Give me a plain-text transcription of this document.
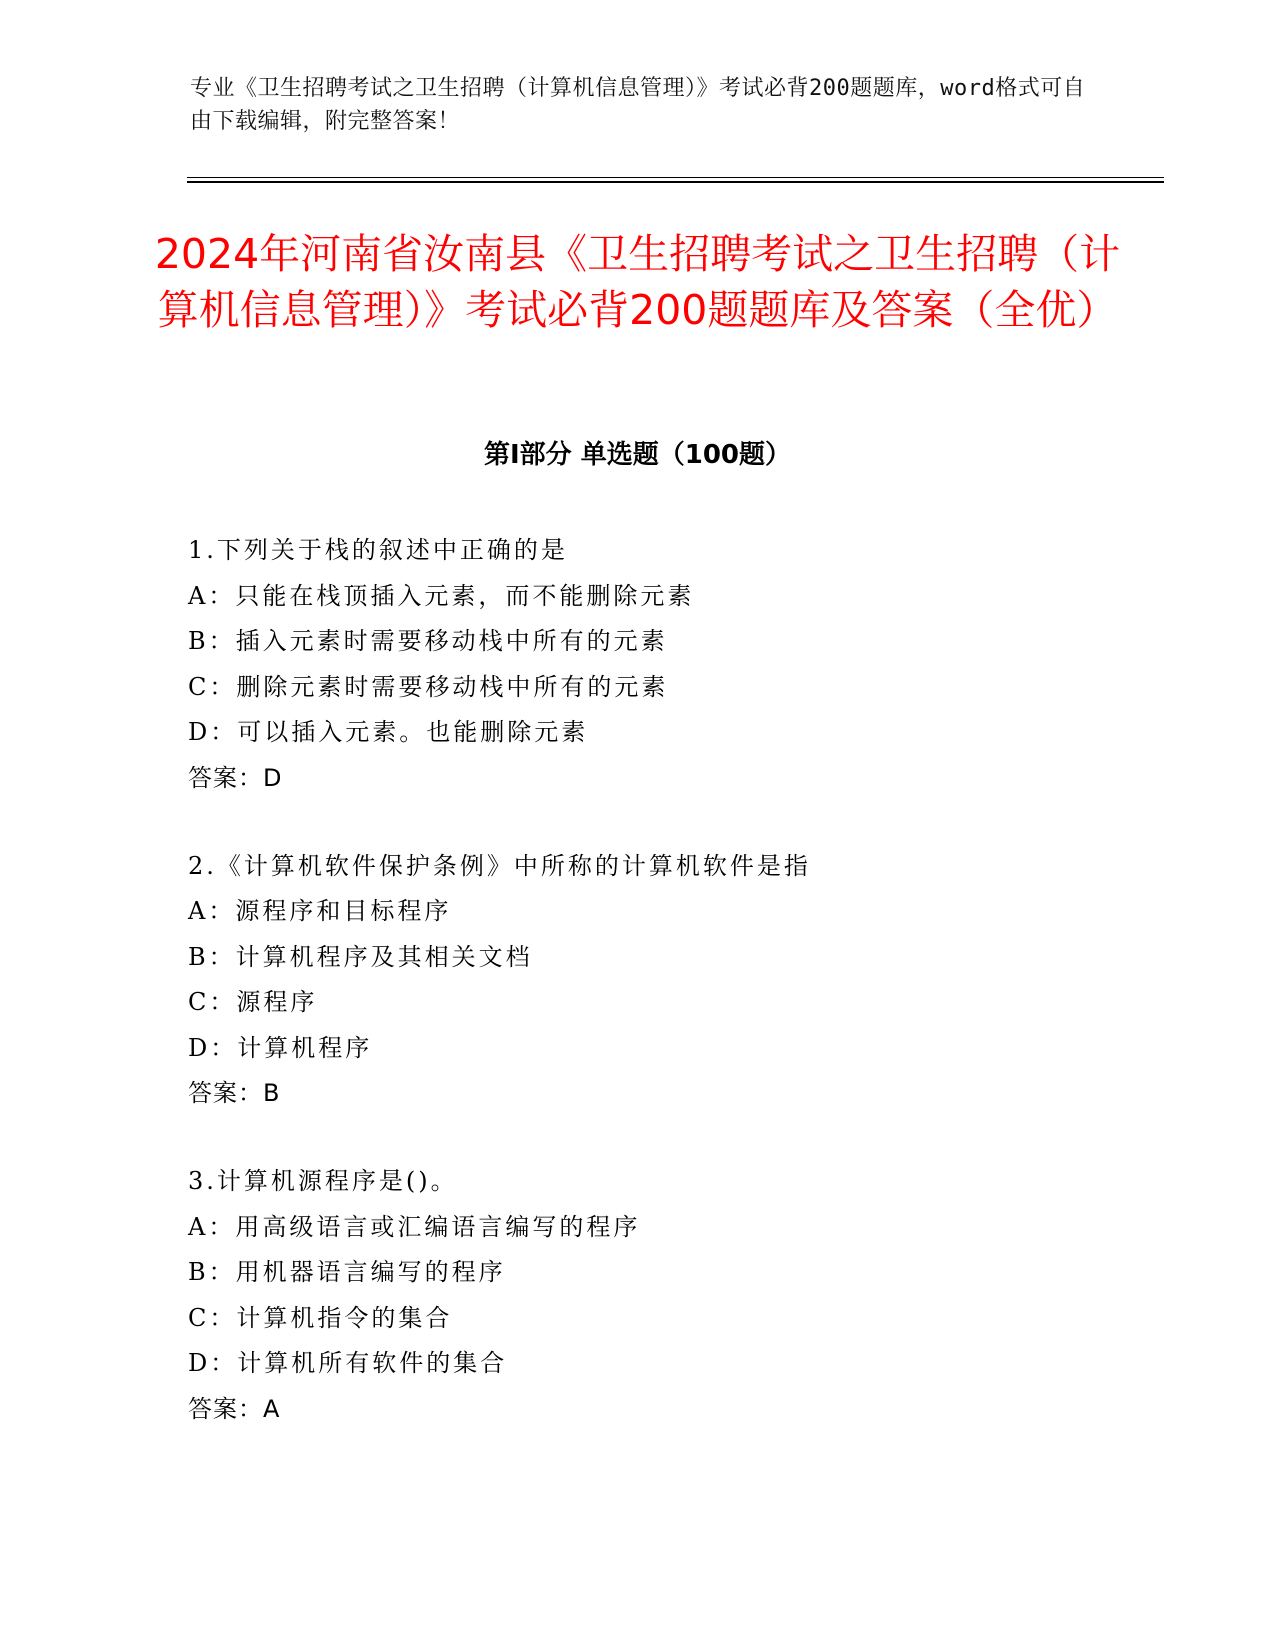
专业《卫生招聘考试之卫生招聘（计算机信息管理）》考试必背200题题库，word格式可自由下载编辑，附完整答案！
2024年河南省汝南县《卫生招聘考试之卫生招聘（计算机信息管理）》考试必背200题题库及答案（全优）
第Ⅰ部分 单选题（100题）
1.下列关于栈的叙述中正确的是
A：只能在栈顶插入元素，而不能删除元素
B：插入元素时需要移动栈中所有的元素
C：删除元素时需要移动栈中所有的元素
D：可以插入元素。也能删除元素
答案：D
2.《计算机软件保护条例》中所称的计算机软件是指
A：源程序和目标程序
B：计算机程序及其相关文档
C：源程序
D：计算机程序
答案：B
3.计算机源程序是()。
A：用高级语言或汇编语言编写的程序
B：用机器语言编写的程序
C：计算机指令的集合
D：计算机所有软件的集合
答案：A
